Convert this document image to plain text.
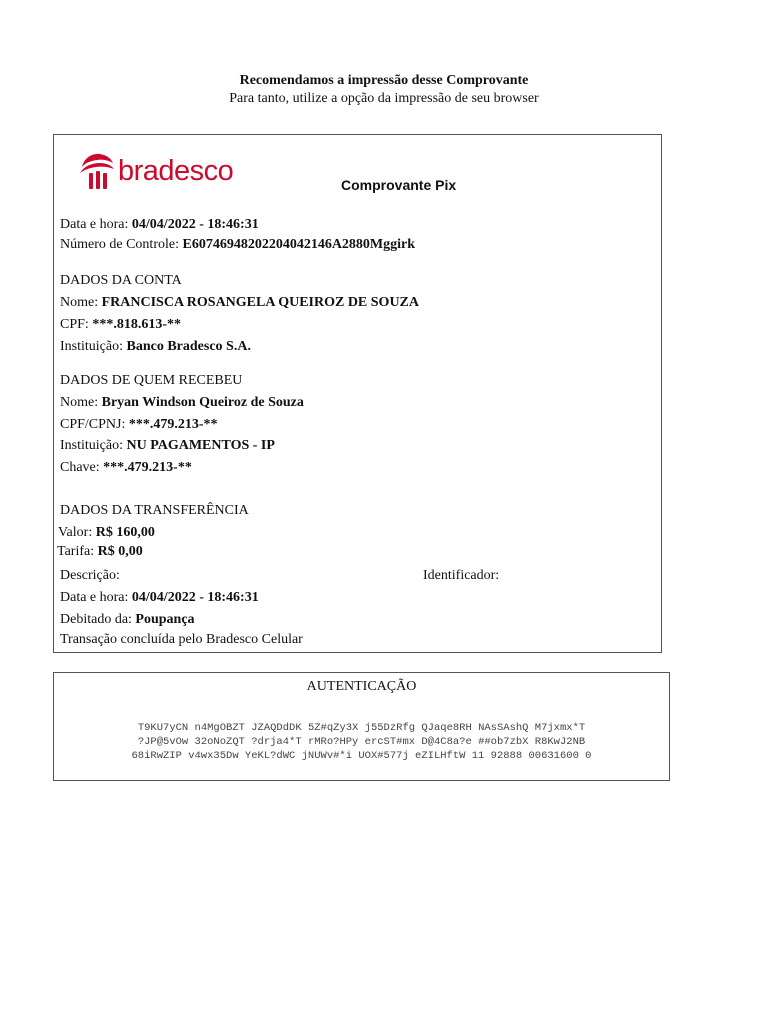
Recomendamos a impressão desse Comprovante
Para tanto, utilize a opção da impressão de seu browser
bradesco	Comprovante Pix
Data e hora: 04/04/2022 - 18:46:31
Número de Controle: E60746948202204042146A2880Mggirk
DADOS DA CONTA
Nome: FRANCISCA ROSANGELA QUEIROZ DE SOUZA
CPF: ***.818.613-**
Instituição: Banco Bradesco S.A.
DADOS DE QUEM RECEBEU
Nome: Bryan Windson Queiroz de Souza
CPF/CPNJ: ***.479.213-**
Instituição: NU PAGAMENTOS - IP
Chave: ***.479.213-**
DADOS DA TRANSFERÊNCIA
Valor: R$ 160,00
Tarifa: R$ 0,00
Descrição:	Identificador:
Data e hora: 04/04/2022 - 18:46:31
Debitado da: Poupança
Transação concluída pelo Bradesco Celular
AUTENTICAÇÃO
T9KU7yCN n4MgOBZT JZAQDdDK 5Z#qZy3X j55DzRfg QJaqe8RH NAsSAshQ M7jxmx*T
?JP@5vOw 32oNoZQT ?drja4*T rMRo?HPy ercST#mx D@4C8a?e ##ob7zbX R8KwJ2NB
68iRwZIP v4wx35Dw YeKL?dWC jNUWv#*i UOX#577j eZILHftW 11 92888 00631600 0
